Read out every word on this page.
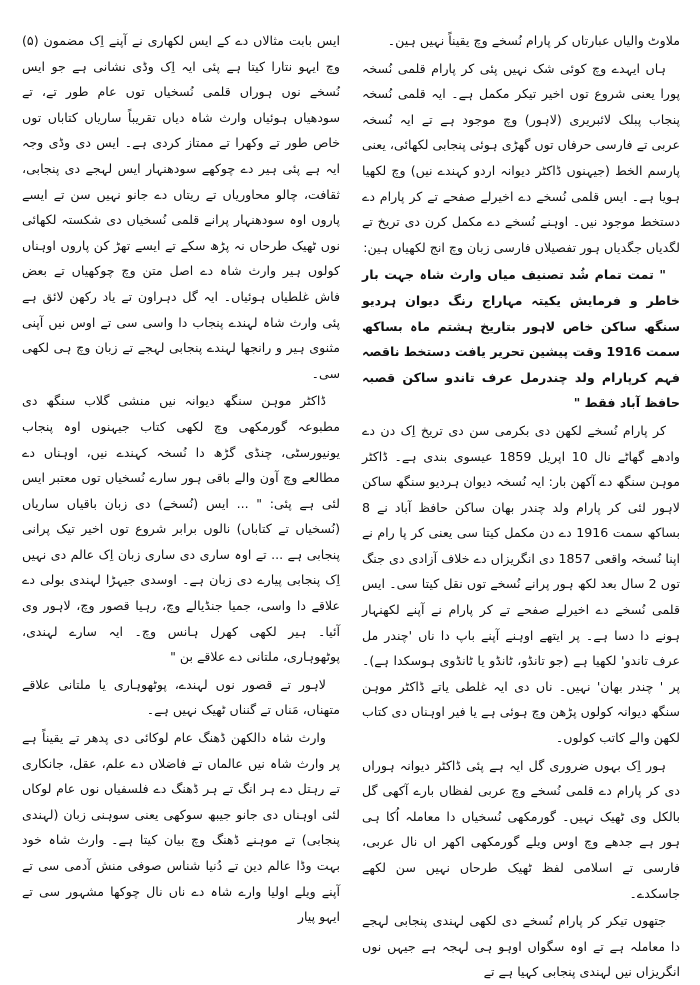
ملاوٹ والیاں عبارتاں کر پارام نُسخے وچ یقیناً نہیں ہین۔

ہاں ایہدے وچ کوئی شک نہیں پئی کر پارام قلمی نُسخہ پورا یعنی شروع توں اخیر تیکر مکمل ہے۔ ایہ قلمی نُسخہ پنجاب پبلک لائبریری (لاہور) وچ موجود ہے تے ایہ نُسخہ عربی تے فارسی حرفاں توں گھڑی ہوئی پنجابی لکھائی، یعنی پارسم الخط (جیہنوں ڈاکٹر دیوانہ اردو کہندے نیں) وچ لکھیا ہویا ہے۔ ایس قلمی نُسخے دے اخیرلے صفحے تے کر پارام دے دستخط موجود نیں۔ اوہنے نُسخے دے مکمل کرن دی تریخ تے لگدیاں جگدیاں ہور تفصیلاں فارسی زبان وچ انج لکھیاں ہین:

" تمت تمام شُد تصنیف میاں وارث شاہ جہت بار خاطر و فرمایش یکیتہ مہاراج رنگ دیوان ہردیو سنگھ ساکن خاص لاہور بتاریخ ہشتم ماہ بساکھ سمت 1916 وقت پیشین تحریر یافت دستخط ناقصہ فہم کرپارام ولد چندرمل عرف تاندو ساکن قصبہ حافظ آباد فقط "

کر پارام نُسخے لکھن دی بکرمی سن دی تریخ اِک دن دے وادھے گھاٹے نال 10 اپریل 1859 عیسوی بندی ہے۔ ڈاکٹر موہن سنگھ دے آکھن بار: ایہ نُسخہ دیوان ہردیو سنگھ ساکن لاہور لئی کر پارام ولد چندر بھان ساکن حافظ آباد نے 8 بساکھ سمت 1916 دے دن مکمل کیتا سی یعنی کر پا رام نے اپنا نُسخہ واقعی 1857 دی انگریزاں دے خلاف آزادی دی جنگ توں 2 سال بعد لکھ ہور پرانے نُسخے توں نقل کیتا سی۔ ایس قلمی نُسخے دے اخیرلے صفحے تے کر پارام نے آپنے لکھنہار ہونے دا دسا ہے۔ پر ایتھے اوہنے آپنے باپ دا ناں 'چندر مل عرف تاندو' لکھیا ہے (جو تانڈو، ٹانڈو یا ٹانڈوی ہوسکدا ہے)۔ پر ' چندر بھان' نہیں۔ ناں دی ایہ غلطی یاتے ڈاکٹر موہن سنگھ دیوانہ کولوں پڑھن وچ ہوئی ہے یا فیر اوہناں دی کتاب لکھن والے کاتب کولوں۔

ہور اِک بہوں ضروری گل ایہ ہے پئی ڈاکٹر دیوانہ ہوراں دی کر پارام دے قلمی نُسخے وچ عربی لفظاں بارے آکھی گل بالکل وی ٹھیک نہیں۔ گورمکھی نُسخیاں دا معاملہ اُکا ہی ہور ہے جدھے وچ اوس ویلے گورمکھی اکھر اں نال عربی، فارسی تے اسلامی لفظ ٹھیک طرحاں نہیں سن لکھے جاسکدے۔

جتھوں تیکر کر پارام نُسخے دی لکھی لہندی پنجابی لہجے دا معاملہ ہے تے اوہ سگواں اوہو ہی لہجہ ہے جیہں نوں انگریزاں نیں لہندی پنجابی کہیا ہے تے

ایس بابت مثالاں دے کے ایس لکھاری نے آپنے اِک مضمون (۵) وچ ایہو نتارا کیتا ہے پئی ایہ اِک وڈی نشانی ہے جو ایس نُسخے نوں ہوراں قلمی نُسخیاں توں عام طور تے، تے سودھیاں ہوئیاں وارث شاہ دیاں تقریباً ساریاں کتاباں توں خاص طور تے وکھرا تے ممتاز کردی ہے۔ ایس دی وڈی وجہ ایہ ہے پئی ہیر دے چوکھے سودھنہار ایس لہجے دی پنجابی، ثقافت، چالو محاوریاں تے ریتاں دے جانو نہیں سن تے ایسے پاروں اوہ سودھنہار پرانے قلمی نُسخیاں دی شکستہ لکھائی نوں ٹھیک طرحاں نہ پڑھ سکے تے ایسے تھڑ کن پاروں اوہناں کولوں ہیر وارث شاہ دے اصل متن وچ چوکھیاں تے بعض فاش غلطیاں ہوئیاں۔ ایہ گل دہراون تے یاد رکھن لائق ہے پئی وارث شاہ لہندے پنجاب دا واسی سی تے اوس نیں آپنی مثنوی ہیر و رانجھا لہندے پنجابی لہجے تے زبان وچ ہی لکھی سی۔

ڈاکٹر موہن سنگھ دیوانہ نیں منشی گلاب سنگھ دی مطبوعہ گورمکھی وچ لکھی کتاب جیہنوں اوہ پنجاب یونیورسٹی، چنڈی گڑھ دا نُسخہ کہندے نیں، اوہناں دے مطالعے وچ آون والے باقی ہور سارے نُسخیاں توں معتبر ایس لئی ہے پئی: " ... ایس (نُسخے) دی زبان باقیاں ساریاں (نُسخیاں تے کتاباں) نالوں برابر شروع توں اخیر تیک پرانی پنجابی ہے ... تے اوہ ساری دی ساری زبان اِک عالم دی نہیں اِک پنجابی پیارے دی زبان ہے۔ اوسدی جیہڑا لہندی بولی دے علاقے دا واسی، جمیا جنڈیالے وچ، رہیا قصور وچ، لاہور وی آئیا۔ ہیر لکھی کھرل ہانس وچ۔ ایہ سارے لہندی، پوٹھوہاری، ملتانی دے علاقے بن "

لاہور تے قصور نوں لہندے، پوٹھوہاری یا ملتانی علاقے متھناں، مَناں تے گنناں ٹھیک نہیں ہے۔

وارث شاہ دالکھن ڈھنگ عام لوکائی دی پدھر تے یقیناً ہے پر وارث شاہ نیں عالماں تے فاضلاں دے علم، عقل، جانکاری تے رہتل دے ہر انگ تے ہر ڈھنگ دے فلسفیاں نوں عام لوکاں لئی اوہناں دی جانو جیبھ سوکھی یعنی سوہنی زبان (لہندی پنجابی) تے موہنے ڈھنگ وچ بیان کیتا ہے۔ وارث شاہ خود بہت وڈا عالم دین تے دُنیا شناس صوفی منش آدمی سی تے آپنے ویلے اولیا وارے شاہ دے ناں نال چوکھا مشہور سی تے ایہو پیار
